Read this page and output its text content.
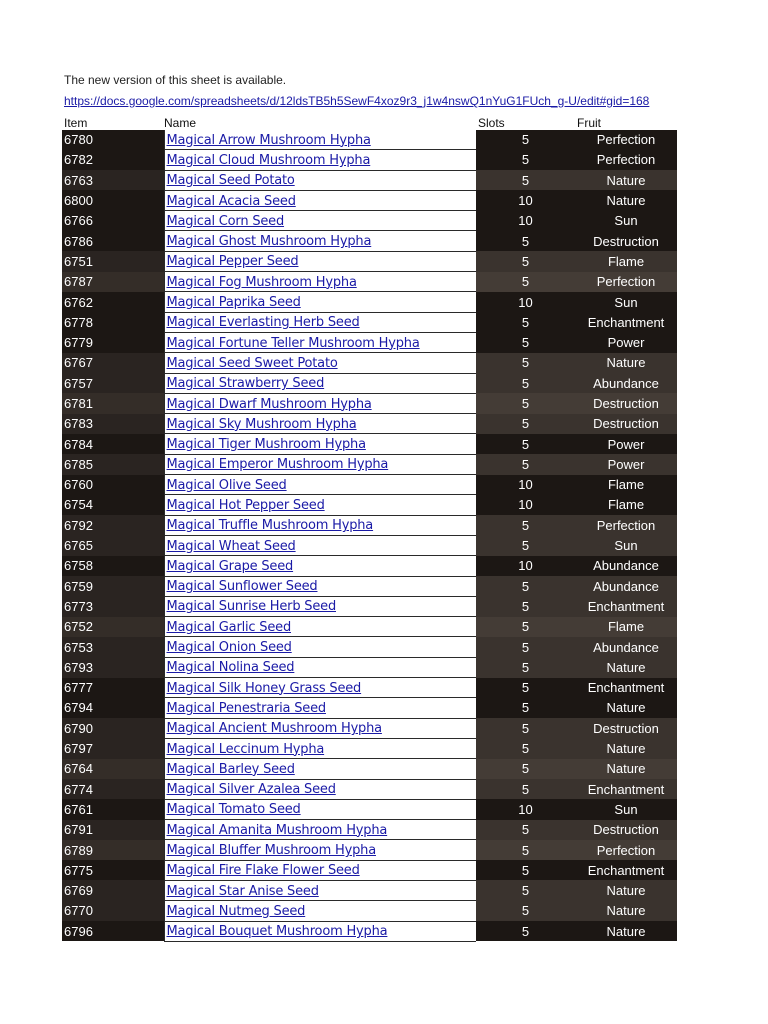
The new version of this sheet is available.
https://docs.google.com/spreadsheets/d/12ldsTB5h5SewF4xoz9r3_j1w4nswQ1nYuG1FUch_g-U/edit#gid=168
Item	Name	Slots	Fruit
6780	Magical Arrow Mushroom Hypha	5	Perfection
6782	Magical Cloud Mushroom Hypha	5	Perfection
6763	Magical Seed Potato	5	Nature
6800	Magical Acacia Seed	10	Nature
6766	Magical Corn Seed	10	Sun
6786	Magical Ghost Mushroom Hypha	5	Destruction
6751	Magical Pepper Seed	5	Flame
6787	Magical Fog Mushroom Hypha	5	Perfection
6762	Magical Paprika Seed	10	Sun
6778	Magical Everlasting Herb Seed	5	Enchantment
6779	Magical Fortune Teller Mushroom Hypha	5	Power
6767	Magical Seed Sweet Potato	5	Nature
6757	Magical Strawberry Seed	5	Abundance
6781	Magical Dwarf Mushroom Hypha	5	Destruction
6783	Magical Sky Mushroom Hypha	5	Destruction
6784	Magical Tiger Mushroom Hypha	5	Power
6785	Magical Emperor Mushroom Hypha	5	Power
6760	Magical Olive Seed	10	Flame
6754	Magical Hot Pepper Seed	10	Flame
6792	Magical Truffle Mushroom Hypha	5	Perfection
6765	Magical Wheat Seed	5	Sun
6758	Magical Grape Seed	10	Abundance
6759	Magical Sunflower Seed	5	Abundance
6773	Magical Sunrise Herb Seed	5	Enchantment
6752	Magical Garlic Seed	5	Flame
6753	Magical Onion Seed	5	Abundance
6793	Magical Nolina Seed	5	Nature
6777	Magical Silk Honey Grass Seed	5	Enchantment
6794	Magical Penestraria Seed	5	Nature
6790	Magical Ancient Mushroom Hypha	5	Destruction
6797	Magical Leccinum Hypha	5	Nature
6764	Magical Barley Seed	5	Nature
6774	Magical Silver Azalea Seed	5	Enchantment
6761	Magical Tomato Seed	10	Sun
6791	Magical Amanita Mushroom Hypha	5	Destruction
6789	Magical Bluffer Mushroom Hypha	5	Perfection
6775	Magical Fire Flake Flower Seed	5	Enchantment
6769	Magical Star Anise Seed	5	Nature
6770	Magical Nutmeg Seed	5	Nature
6796	Magical Bouquet Mushroom Hypha	5	Nature
